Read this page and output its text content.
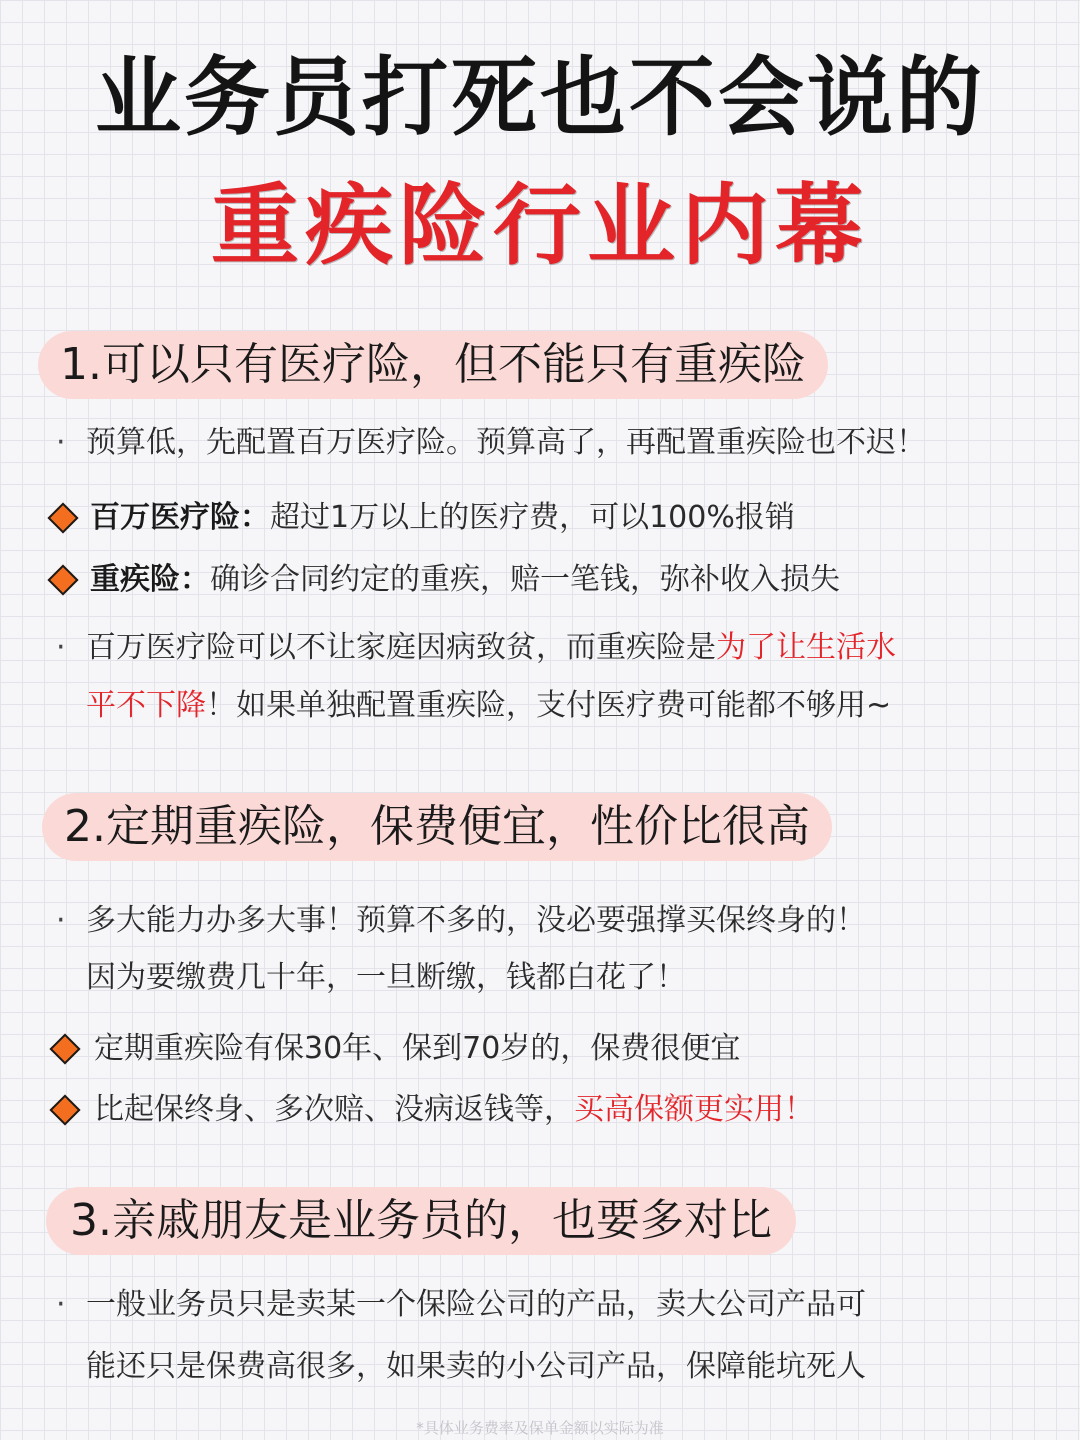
业务员打死也不会说的
重疾险行业内幕
1.可以只有医疗险，但不能只有重疾险
· 预算低，先配置百万医疗险。预算高了，再配置重疾险也不迟！
百万医疗险：超过1万以上的医疗费，可以100%报销
重疾险：确诊合同约定的重疾，赔一笔钱，弥补收入损失
· 百万医疗险可以不让家庭因病致贫，而重疾险是为了让生活水
平不下降！如果单独配置重疾险，支付医疗费可能都不够用~
2.定期重疾险，保费便宜，性价比很高
· 多大能力办多大事！预算不多的，没必要强撑买保终身的！
因为要缴费几十年，一旦断缴，钱都白花了！
定期重疾险有保30年、保到70岁的，保费很便宜
比起保终身、多次赔、没病返钱等，买高保额更实用！
3.亲戚朋友是业务员的，也要多对比
· 一般业务员只是卖某一个保险公司的产品，卖大公司产品可
能还只是保费高很多，如果卖的小公司产品，保障能坑死人
*具体业务费率及保单金额以实际为准
